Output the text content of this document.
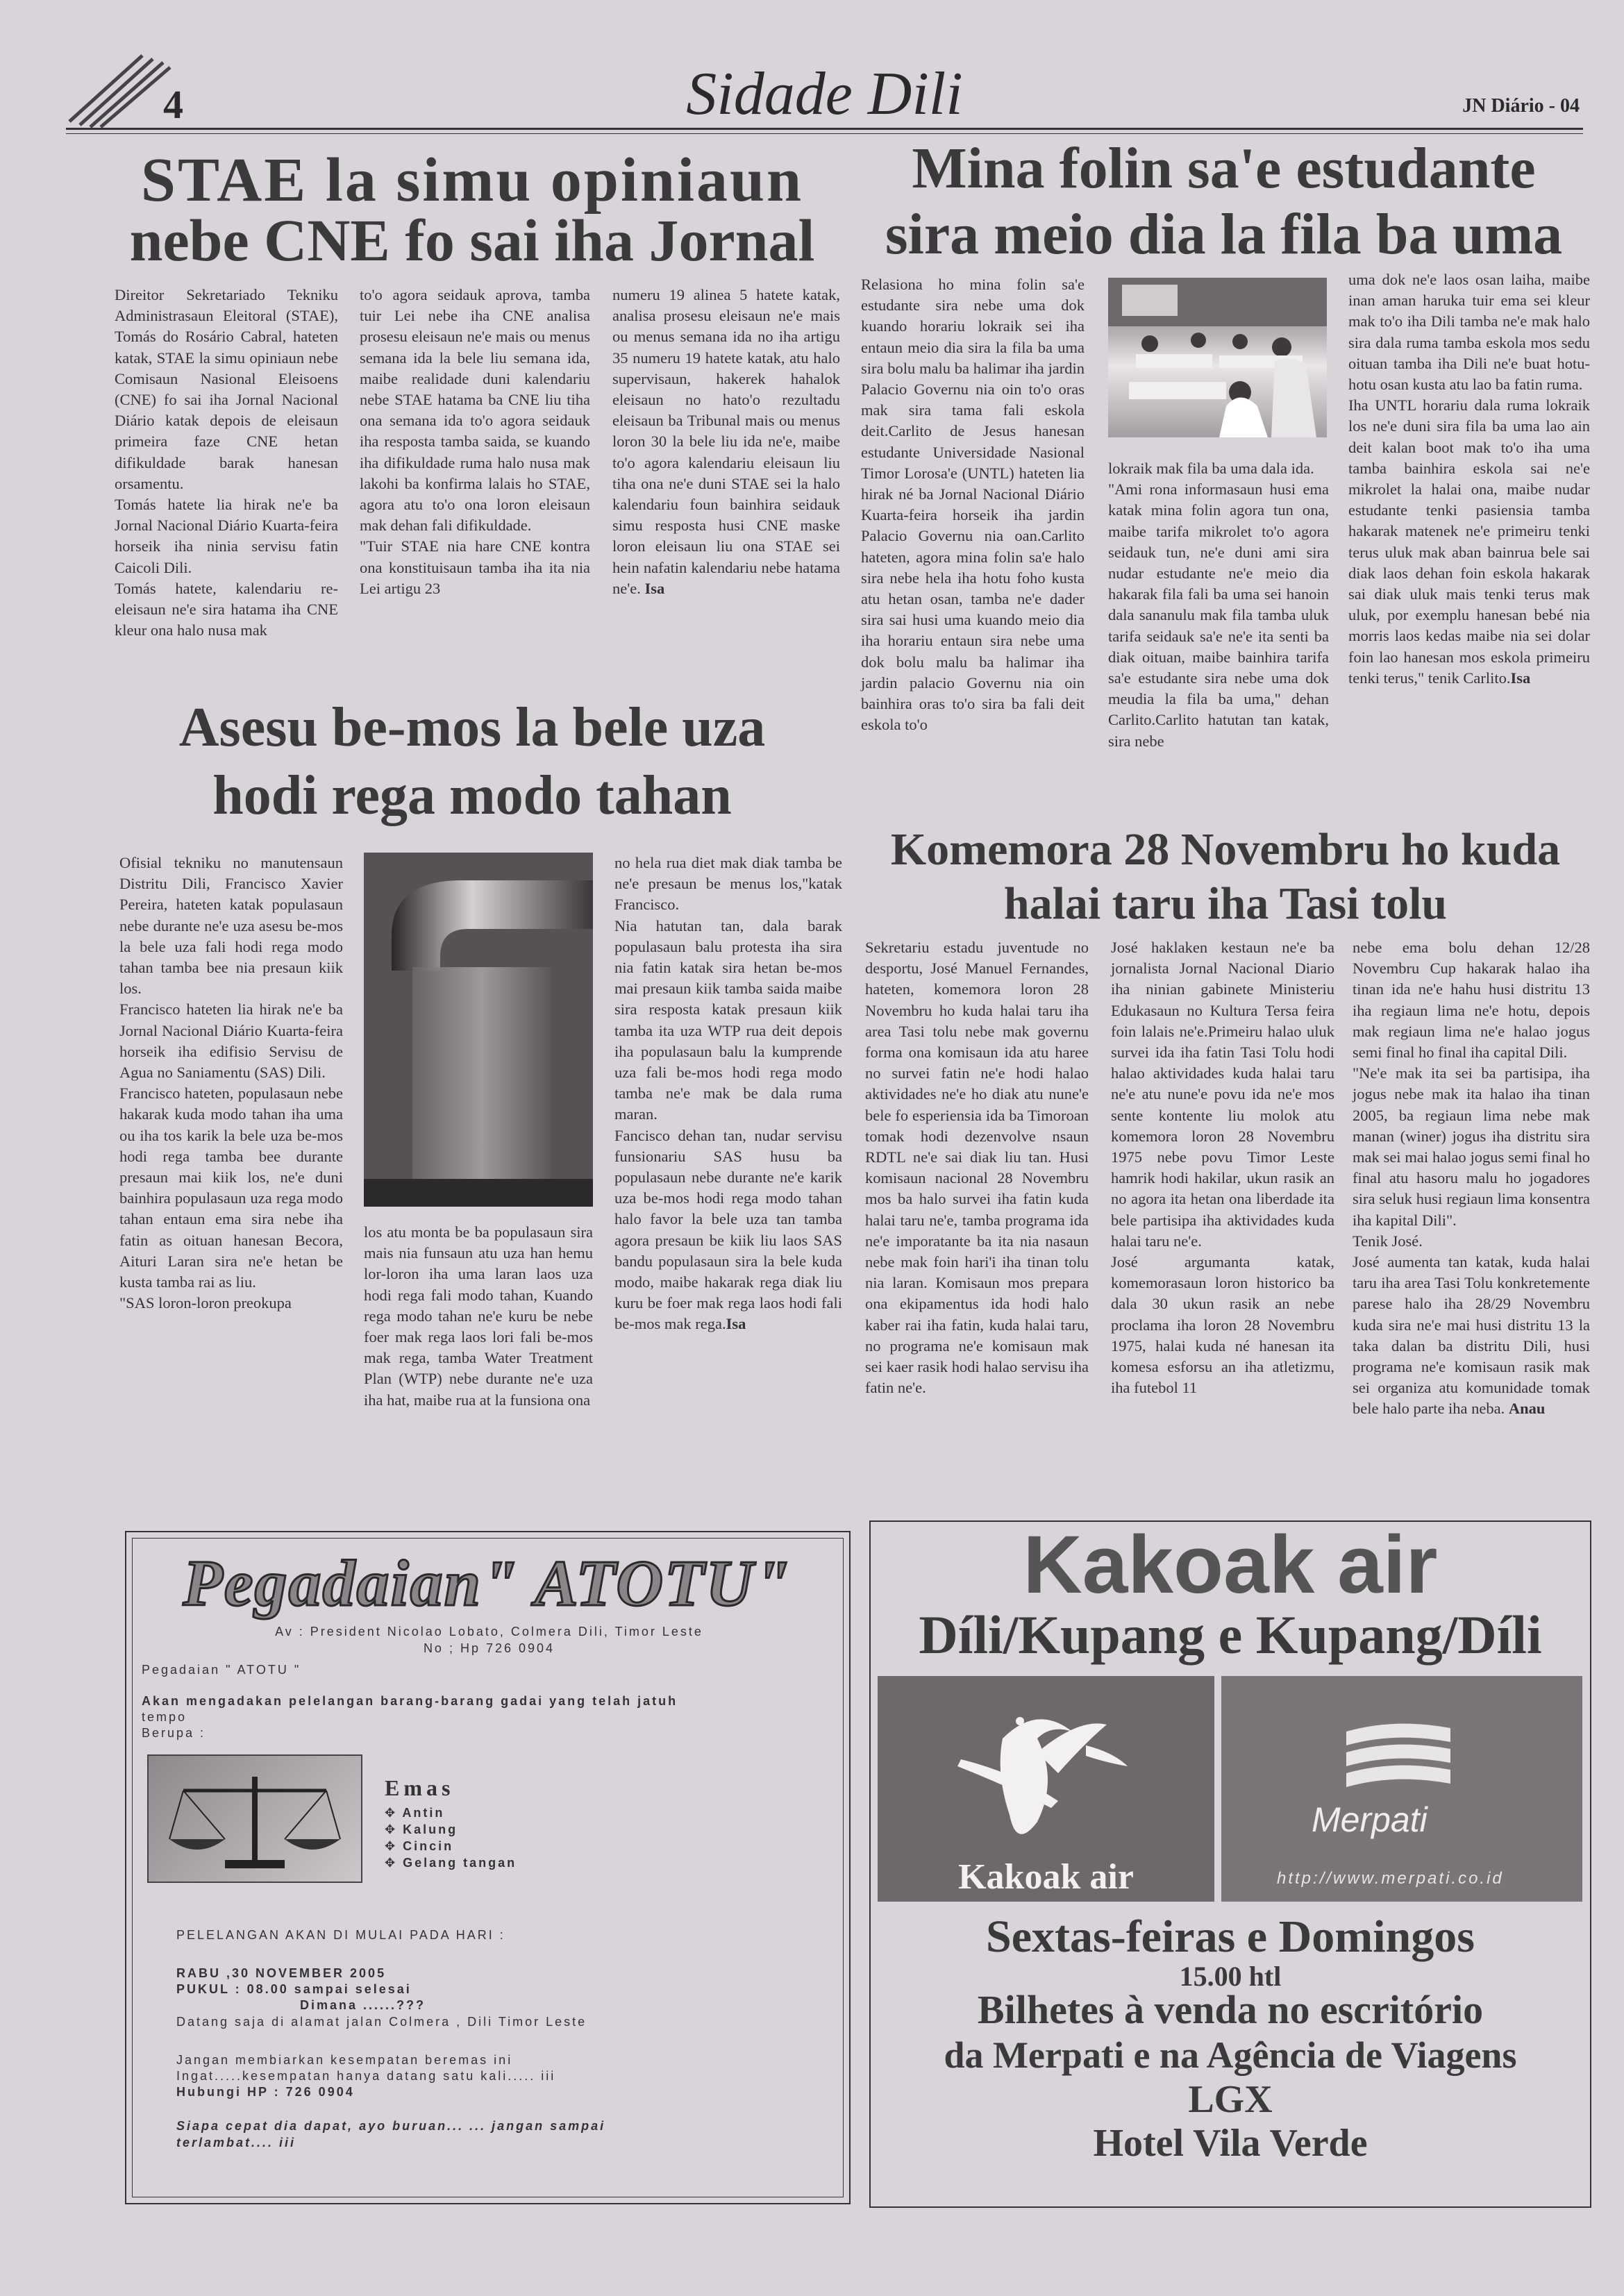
4	Sidade Dili	JN Diário - 04
STAE la simu opiniaun
nebe CNE fo sai iha Jornal

Direitor Sekretariado Tekniku Administrasaun Eleitoral (STAE), Tomás do Rosário Cabral, hateten katak, STAE la simu opiniaun nebe Comisaun Nasional Eleisoens (CNE) fo sai iha Jornal Nacional Diário katak depois de eleisaun primeira faze CNE hetan difikuldade barak hanesan orsamentu.

Tomás hatete lia hirak ne'e ba Jornal Nacional Diário Kuarta-feira horseik iha ninia servisu fatin Caicoli Dili.

Tomás hatete, kalendariu re-eleisaun ne'e sira hatama iha CNE kleur ona halo nusa mak

to'o agora seidauk aprova, tamba tuir Lei nebe iha CNE analisa prosesu eleisaun ne'e mais ou menus semana ida la bele liu semana ida, maibe realidade duni kalendariu nebe STAE hatama ba CNE liu tiha ona semana ida to'o agora seidauk iha resposta tamba saida, se kuando iha difikuldade ruma halo nusa mak lakohi ba konfirma lalais ho STAE, agora atu to'o ona loron eleisaun mak dehan fali difikuldade.

"Tuir STAE nia hare CNE kontra ona konstituisaun tamba iha ita nia Lei artigu 23

numeru 19 alinea 5 hatete katak, analisa prosesu eleisaun ne'e mais ou menus semana ida no iha artigu 35 numeru 19 hatete katak, atu halo supervisaun, hakerek hahalok eleisaun no hato'o rezultadu eleisaun ba Tribunal mais ou menus loron 30 la bele liu ida ne'e, maibe to'o agora kalendariu eleisaun liu tiha ona ne'e duni STAE sei la halo kalendariu foun bainhira seidauk simu resposta husi CNE maske loron eleisaun liu ona STAE sei hein nafatin kalendariu nebe hatama ne'e. Isa

Mina folin sa'e estudante
sira meio dia la fila ba uma

Relasiona ho mina folin sa'e estudante sira nebe uma dok kuando horariu lokraik sei iha entaun meio dia sira la fila ba uma sira bolu malu ba halimar iha jardin Palacio Governu nia oin to'o oras mak sira tama fali eskola deit.Carlito de Jesus hanesan estudante Universidade Nasional Timor Lorosa'e (UNTL) hateten lia hirak né ba Jornal Nacional Diário Kuarta-feira horseik iha jardin Palacio Governu nia oan.Carlito hateten, agora mina folin sa'e halo sira nebe hela iha hotu foho kusta atu hetan osan, tamba ne'e dader sira sai husi uma kuando meio dia iha horariu entaun sira nebe uma dok bolu malu ba halimar iha jardin palacio Governu nia oin bainhira oras to'o sira ba fali deit eskola to'o

lokraik mak fila ba uma dala ida.

"Ami rona informasaun husi ema katak mina folin agora tun ona, maibe tarifa mikrolet to'o agora seidauk tun, ne'e duni ami sira nudar estudante ne'e meio dia hakarak fila fali ba uma sei hanoin dala sananulu mak fila tamba uluk tarifa seidauk sa'e ne'e ita senti ba diak oituan, maibe bainhira tarifa sa'e estudante sira nebe uma dok meudia la fila ba uma," dehan Carlito.Carlito hatutan tan katak, sira nebe

uma dok ne'e laos osan laiha, maibe inan aman haruka tuir ema sei kleur mak to'o iha Dili tamba ne'e mak halo sira dala ruma tamba eskola mos sedu oituan tamba iha Dili ne'e buat hotu-hotu osan kusta atu lao ba fatin ruma.

Iha UNTL horariu dala ruma lokraik los ne'e duni sira fila ba uma lao ain deit kalan boot mak to'o iha uma tamba bainhira eskola sai ne'e mikrolet la halai ona, maibe nudar estudante tenki pasiensia tamba hakarak matenek ne'e primeiru tenki terus uluk mak aban bainrua bele sai diak laos dehan foin eskola hakarak sai diak uluk mais tenki terus mak uluk, por exemplu hanesan bebé nia morris laos kedas maibe nia sei dolar foin lao hanesan mos eskola primeiru tenki terus," tenik Carlito.Isa

Asesu be-mos la bele uza
hodi rega modo tahan

Ofisial tekniku no manutensaun Distritu Dili, Francisco Xavier Pereira, hateten katak populasaun nebe durante ne'e uza asesu be-mos la bele uza fali hodi rega modo tahan tamba bee nia presaun kiik los.

Francisco hateten lia hirak ne'e ba Jornal Nacional Diário Kuarta-feira horseik iha edifisio Servisu de Agua no Saniamentu (SAS) Dili.

Francisco hateten, populasaun nebe hakarak kuda modo tahan iha uma ou iha tos karik la bele uza be-mos hodi rega tamba bee durante presaun mai kiik los, ne'e duni bainhira populasaun uza rega modo tahan entaun ema sira nebe iha fatin as oituan hanesan Becora, Aituri Laran sira ne'e hetan be kusta tamba rai as liu.

"SAS loron-loron preokupa

los atu monta be ba populasaun sira mais nia funsaun atu uza han hemu lor-loron iha uma laran laos uza hodi rega fali modo tahan, Kuando rega modo tahan ne'e kuru be nebe foer mak rega laos lori fali be-mos mak rega, tamba Water Treatment Plan (WTP) nebe durante ne'e uza iha hat, maibe rua at la funsiona ona

no hela rua diet mak diak tamba be ne'e presaun be menus los,"katak Francisco.

Nia hatutan tan, dala barak populasaun balu protesta iha sira nia fatin katak sira hetan be-mos mai presaun kiik tamba saida maibe sira resposta katak presaun kiik tamba ita uza WTP rua deit depois iha populasaun balu la kumprende uza fali be-mos hodi rega modo tamba ne'e mak be dala ruma maran.

Fancisco dehan tan, nudar servisu funsionariu SAS husu ba populasaun nebe durante ne'e karik uza be-mos hodi rega modo tahan halo favor la bele uza tan tamba agora presaun be kiik liu laos SAS bandu populasaun sira la bele kuda modo, maibe hakarak rega diak liu kuru be foer mak rega laos hodi fali be-mos mak rega.Isa

Komemora 28 Novembru ho kuda
halai taru iha Tasi tolu

Sekretariu estadu juventude no desportu, José Manuel Fernandes, hateten, komemora loron 28 Novembru ho kuda halai taru iha area Tasi tolu nebe mak governu forma ona komisaun ida atu haree no survei fatin ne'e hodi halao aktividades ne'e ho diak atu nune'e bele fo esperiensia ida ba Timoroan tomak hodi dezenvolve nsaun RDTL ne'e sai diak liu tan. Husi komisaun nacional 28 Novembru mos ba halo survei iha fatin kuda halai taru ne'e, tamba programa ida ne'e imporatante ba ita nia nasaun nebe mak foin hari'i iha tinan tolu nia laran. Komisaun mos prepara ona ekipamentus ida hodi halo kaber rai iha fatin, kuda halai taru, no programa ne'e komisaun mak sei kaer rasik hodi halao servisu iha fatin ne'e.

José haklaken kestaun ne'e ba jornalista Jornal Nacional Diario iha ninian gabinete Ministeriu Edukasaun no Kultura Tersa feira foin lalais ne'e.Primeiru halao uluk survei ida iha fatin Tasi Tolu hodi halao aktividades kuda halai taru ne'e atu nune'e povu ida ne'e mos sente kontente liu molok atu komemora loron 28 Novembru 1975 nebe povu Timor Leste hamrik hodi hakilar, ukun rasik an no agora ita hetan ona liberdade ita bele partisipa iha aktividades kuda halai taru ne'e.

José argumanta katak, komemorasaun loron historico ba dala 30 ukun rasik an nebe proclama iha loron 28 Novembru 1975, halai kuda né hanesan ita komesa esforsu an iha atletizmu, iha futebol 11

nebe ema bolu dehan 12/28 Novembru Cup hakarak halao iha tinan ida ne'e hahu husi distritu 13 iha regiaun lima ne'e hotu, depois mak regiaun lima ne'e halao jogus semi final ho final iha capital Dili.

"Ne'e mak ita sei ba partisipa, iha jogus nebe mak ita halao iha tinan 2005, ba regiaun lima nebe mak manan (winer) jogus iha distritu sira mak sei mai halao jogus semi final ho final atu hasoru malu ho jogadores sira seluk husi regiaun lima konsentra iha kapital Dili".

Tenik José.

José aumenta tan katak, kuda halai taru iha area Tasi Tolu konkretemente parese halo iha 28/29 Novembru kuda sira ne'e mai husi distritu 13 la taka dalan ba distritu Dili, husi programa ne'e komisaun rasik mak sei organiza atu komunidade tomak bele halo parte iha neba. Anau

Pegadaian" ATOTU"
Av : President Nicolao Lobato, Colmera Dili, Timor Leste
No ; Hp 726 0904
Pegadaian " ATOTU "
Akan mengadakan pelelangan barang-barang gadai yang telah jatuh
tempo
Berupa :
Emas
✥ Antin
✥ Kalung
✥ Cincin
✥ Gelang tangan
PELELANGAN AKAN DI MULAI PADA HARI :
RABU ,30 NOVEMBER 2005
PUKUL : 08.00 sampai selesai
Dimana ......???
Datang saja di alamat jalan Colmera , Dili Timor Leste
Jangan membiarkan kesempatan beremas ini
Ingat.....kesempatan hanya datang satu kali..... iii
Hubungi HP : 726 0904
Siapa cepat dia dapat, ayo buruan... ... jangan sampai
terlambat.... iii
Kakoak air
Díli/Kupang e Kupang/Díli
Kakoak air
Merpati
http://www.merpati.co.id
Sextas-feiras e Domingos
15.00 htl
Bilhetes à venda no escritório
da Merpati e na Agência de Viagens
LGX
Hotel Vila Verde
